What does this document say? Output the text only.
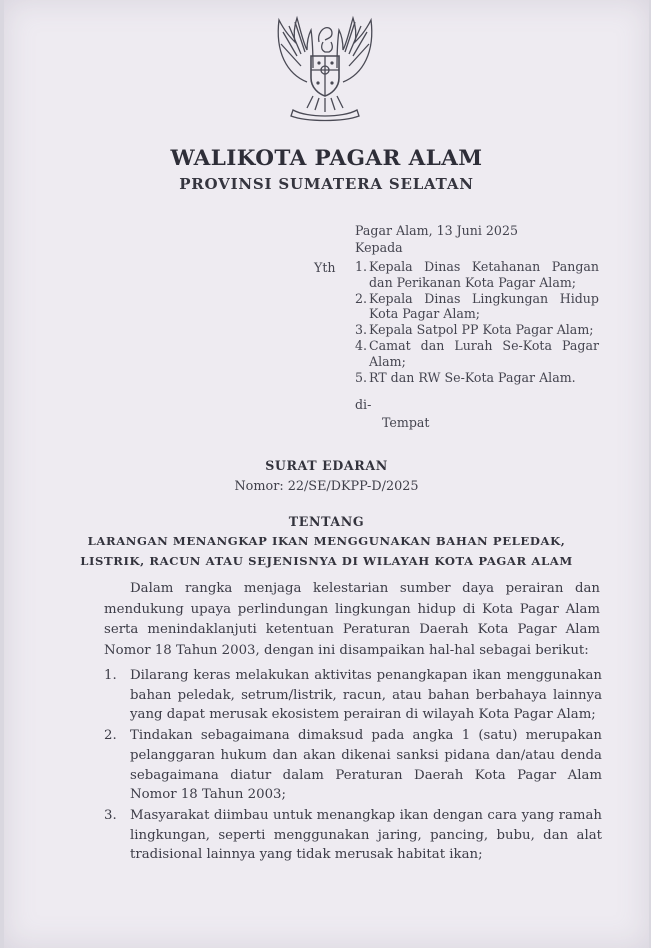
WALIKOTA PAGAR ALAM
PROVINSI SUMATERA SELATAN
Pagar Alam, 13 Juni 2025
Kepada
Yth 1. Kepala Dinas Ketahanan Pangan dan Perikanan Kota Pagar Alam;
2. Kepala Dinas Lingkungan Hidup Kota Pagar Alam;
3. Kepala Satpol PP Kota Pagar Alam;
4. Camat dan Lurah Se-Kota Pagar Alam;
5. RT dan RW Se-Kota Pagar Alam.
di-
Tempat
SURAT EDARAN
Nomor: 22/SE/DKPP-D/2025
TENTANG
LARANGAN MENANGKAP IKAN MENGGUNAKAN BAHAN PELEDAK,
LISTRIK, RACUN ATAU SEJENISNYA DI WILAYAH KOTA PAGAR ALAM
Dalam rangka menjaga kelestarian sumber daya perairan dan mendukung upaya perlindungan lingkungan hidup di Kota Pagar Alam serta menindaklanjuti ketentuan Peraturan Daerah Kota Pagar Alam Nomor 18 Tahun 2003, dengan ini disampaikan hal-hal sebagai berikut:
1.	Dilarang keras melakukan aktivitas penangkapan ikan menggunakan bahan peledak, setrum/listrik, racun, atau bahan berbahaya lainnya yang dapat merusak ekosistem perairan di wilayah Kota Pagar Alam;
2.	Tindakan sebagaimana dimaksud pada angka 1 (satu) merupakan pelanggaran hukum dan akan dikenai sanksi pidana dan/atau denda sebagaimana diatur dalam Peraturan Daerah Kota Pagar Alam Nomor 18 Tahun 2003;
3.	Masyarakat diimbau untuk menangkap ikan dengan cara yang ramah lingkungan, seperti menggunakan jaring, pancing, bubu, dan alat tradisional lainnya yang tidak merusak habitat ikan;
